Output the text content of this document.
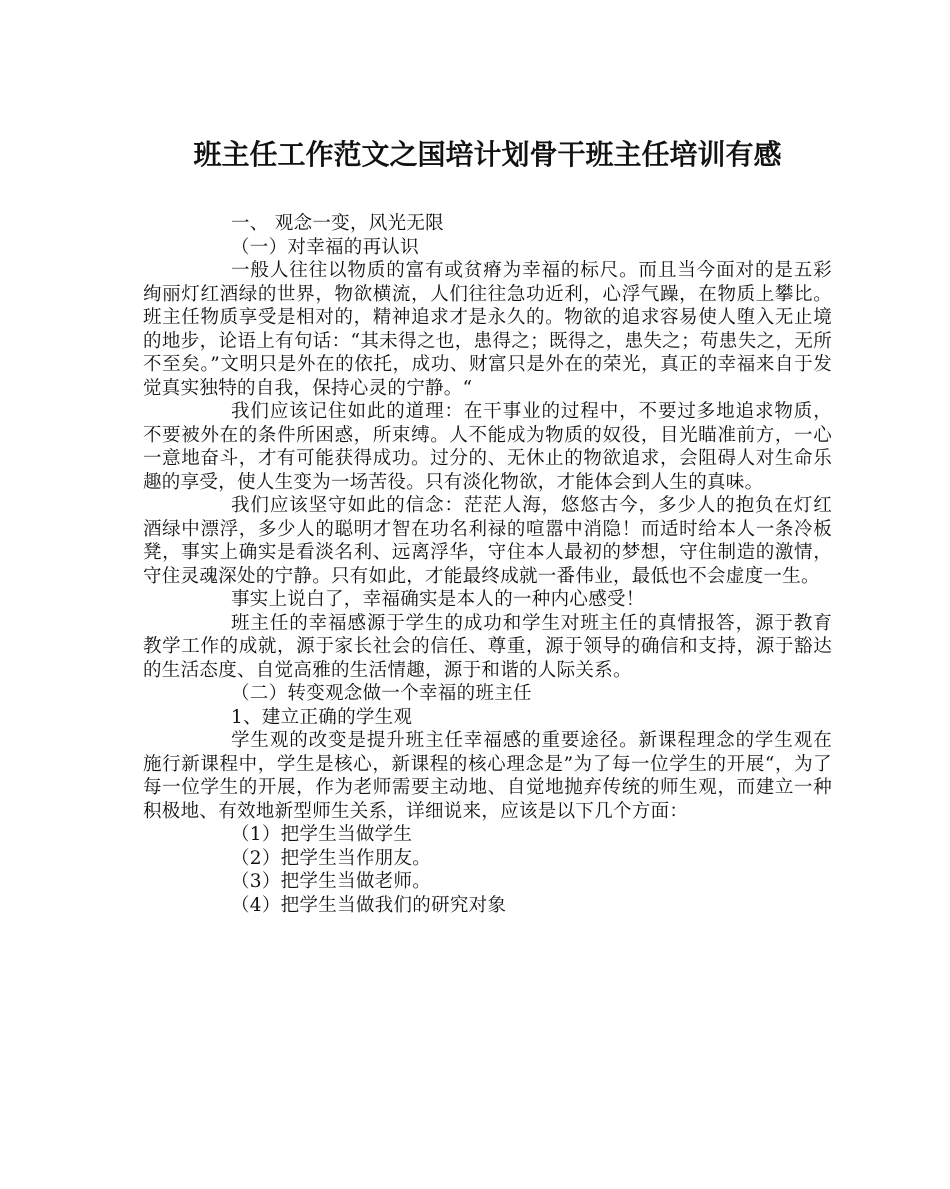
班主任工作范文之国培计划骨干班主任培训有感

一、 观念一变，风光无限

（一）对幸福的再认识

一般人往往以物质的富有或贫瘠为幸福的标尺。而且当今面对的是五彩绚丽灯红酒绿的世界，物欲横流，人们往往急功近利，心浮气躁，在物质上攀比。班主任物质享受是相对的，精神追求才是永久的。物欲的追求容易使人堕入无止境的地步，论语上有句话：“其未得之也，患得之；既得之，患失之；苟患失之，无所不至矣。”文明只是外在的依托，成功、财富只是外在的荣光，真正的幸福来自于发觉真实独特的自我，保持心灵的宁静。“

我们应该记住如此的道理：在干事业的过程中，不要过多地追求物质，不要被外在的条件所困惑，所束缚。人不能成为物质的奴役，目光瞄准前方，一心一意地奋斗，才有可能获得成功。过分的、无休止的物欲追求，会阻碍人对生命乐趣的享受，使人生变为一场苦役。只有淡化物欲，才能体会到人生的真味。

我们应该坚守如此的信念：茫茫人海，悠悠古今，多少人的抱负在灯红酒绿中漂浮，多少人的聪明才智在功名利禄的喧嚣中消隐！而适时给本人一条冷板凳，事实上确实是看淡名利、远离浮华，守住本人最初的梦想，守住制造的激情，守住灵魂深处的宁静。只有如此，才能最终成就一番伟业，最低也不会虚度一生。

事实上说白了，幸福确实是本人的一种内心感受！

班主任的幸福感源于学生的成功和学生对班主任的真情报答，源于教育教学工作的成就，源于家长社会的信任、尊重，源于领导的确信和支持，源于豁达的生活态度、自觉高雅的生活情趣，源于和谐的人际关系。

（二）转变观念做一个幸福的班主任

1、建立正确的学生观

学生观的改变是提升班主任幸福感的重要途径。新课程理念的学生观在施行新课程中，学生是核心，新课程的核心理念是”为了每一位学生的开展“，为了每一位学生的开展，作为老师需要主动地、自觉地抛弃传统的师生观，而建立一种积极地、有效地新型师生关系，详细说来，应该是以下几个方面：

（1）把学生当做学生

（2）把学生当作朋友。

（3）把学生当做老师。

（4）把学生当做我们的研究对象
